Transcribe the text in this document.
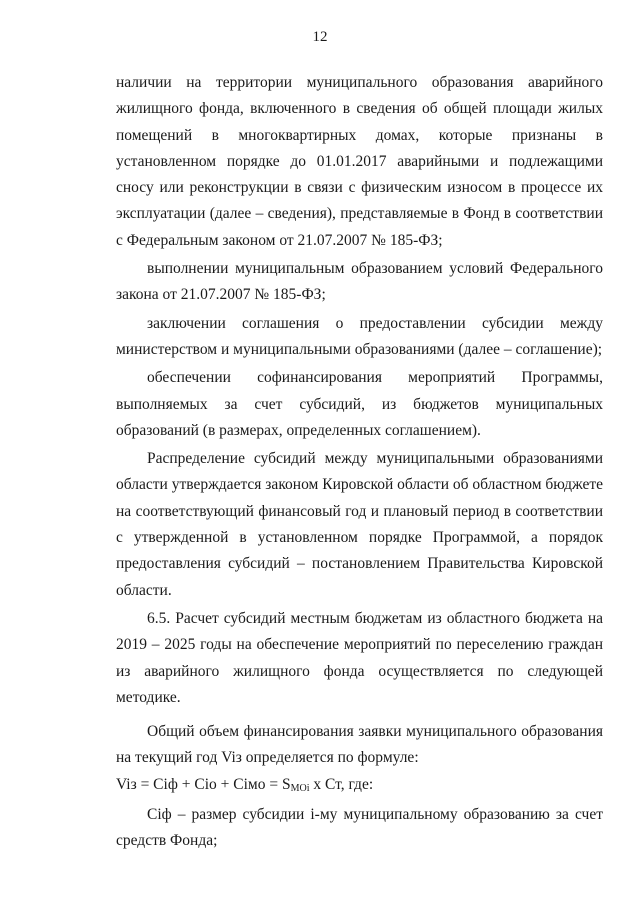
12

наличии на территории муниципального образования аварийного жилищного фонда, включенного в сведения об общей площади жилых помещений в многоквартирных домах, которые признаны в установленном порядке до 01.01.2017 аварийными и подлежащими сносу или реконструкции в связи с физическим износом в процессе их эксплуатации (далее – сведения), представляемые в Фонд в соответствии с Федеральным законом от 21.07.2007 № 185-ФЗ;

выполнении муниципальным образованием условий Федерального закона от 21.07.2007 № 185-ФЗ;

заключении соглашения о предоставлении субсидии между министерством и муниципальными образованиями (далее – соглашение);

обеспечении софинансирования мероприятий Программы, выполняемых за счет субсидий, из бюджетов муниципальных образований (в размерах, определенных соглашением).

Распределение субсидий между муниципальными образованиями области утверждается законом Кировской области об областном бюджете на соответствующий финансовый год и плановый период в соответствии с утвержденной в установленном порядке Программой, а порядок предоставления субсидий – постановлением Правительства Кировской области.

6.5. Расчет субсидий местным бюджетам из областного бюджета на 2019 – 2025 годы на обеспечение мероприятий по переселению граждан из аварийного жилищного фонда осуществляется по следующей методике.

Общий объем финансирования заявки муниципального образования на текущий год Viз определяется по формуле:

Viз = Ciф + Ciо + Ciмо = $S_{MOi}$ x Ст, где:

Ciф – размер субсидии i-му муниципальному образованию за счет средств Фонда;
